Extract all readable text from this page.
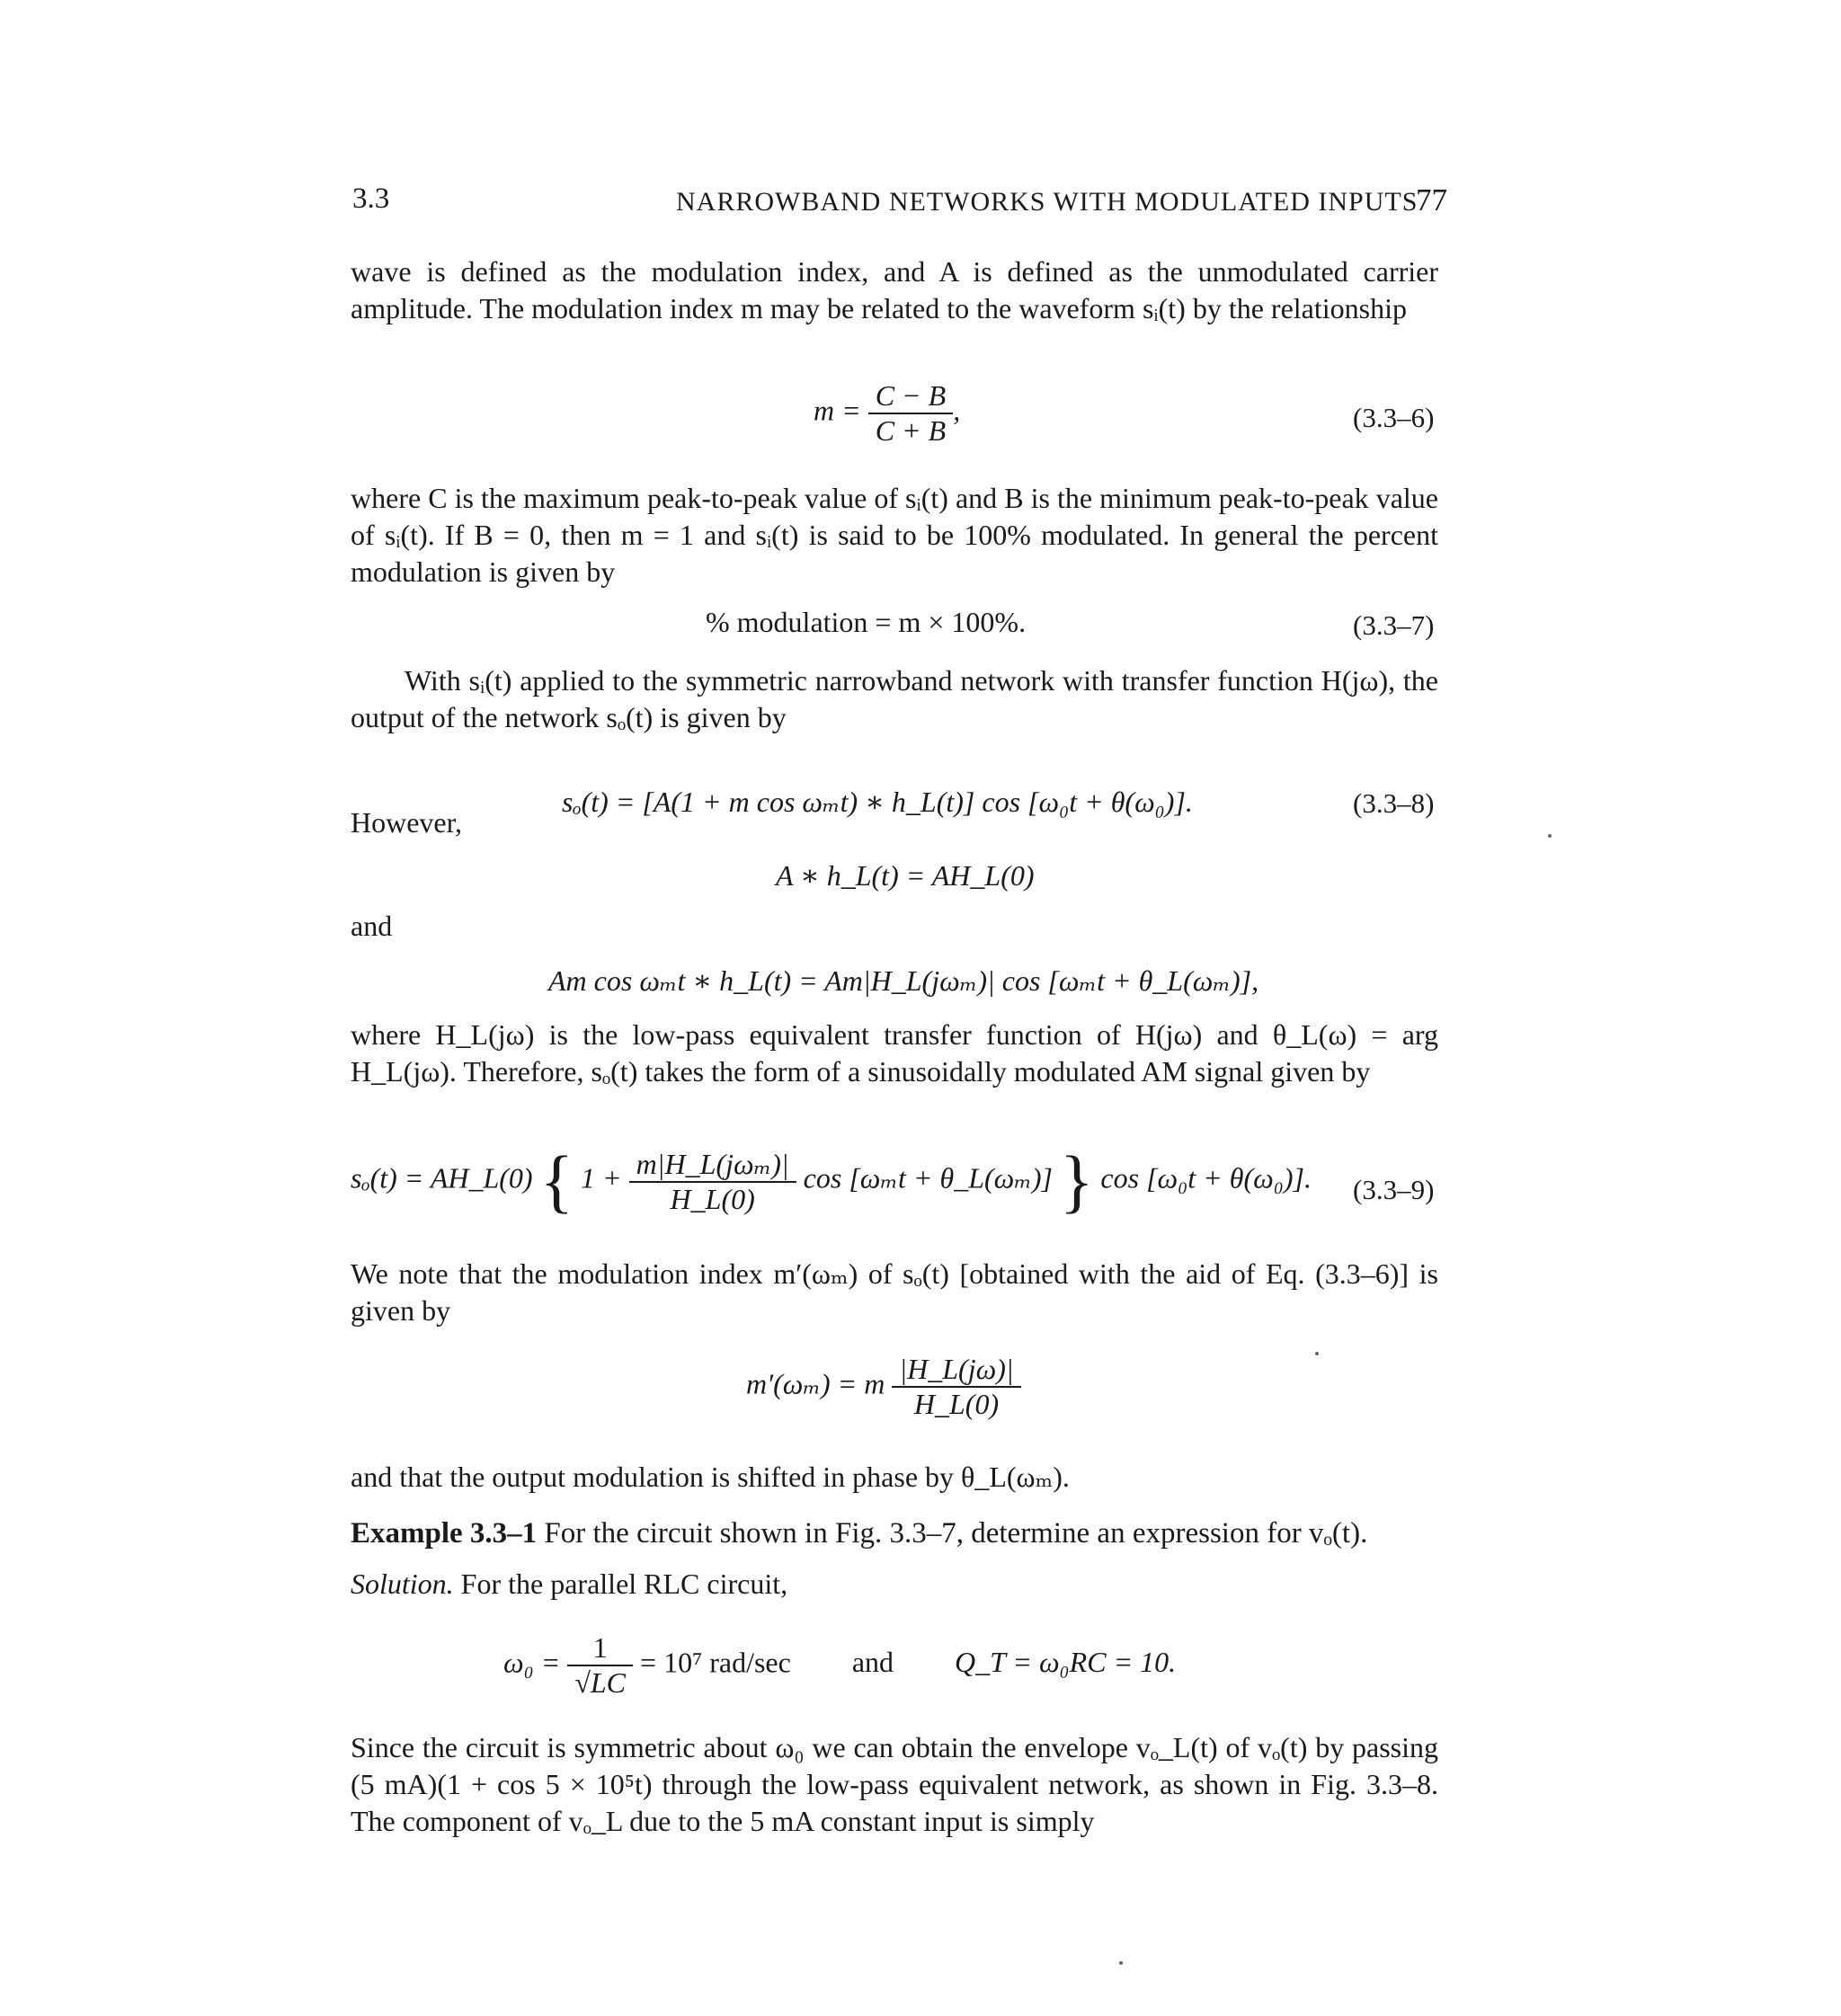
3.3	NARROWBAND NETWORKS WITH MODULATED INPUTS
77
wave is defined as the modulation index, and A is defined as the unmodulated carrier amplitude. The modulation index m may be related to the waveform sᵢ(t) by the relationship
$m = \frac{C - B}{C + B}$ ,	(3.3–6)
where C is the maximum peak-to-peak value of sᵢ(t) and B is the minimum peak-to-peak value of sᵢ(t). If B = 0, then m = 1 and sᵢ(t) is said to be 100% modulated. In general the percent modulation is given by
% modulation = m × 100%.	(3.3–7)
With sᵢ(t) applied to the symmetric narrowband network with transfer function H(jω), the output of the network sₒ(t) is given by
sₒ(t) = [A(1 + m cos ωₘt) ∗ h_L(t)] cos [ω₀t + θ(ω₀)].	(3.3–8)
However,
A ∗ h_L(t) = AH_L(0)
and
Am cos ωₘt ∗ h_L(t) = Am|H_L(jωₘ)| cos [ωₘt + θ_L(ωₘ)],
where H_L(jω) is the low-pass equivalent transfer function of H(jω) and θ_L(ω) = arg H_L(jω). Therefore, sₒ(t) takes the form of a sinusoidally modulated AM signal given by
sₒ(t) = AH_L(0) { $1 + \frac{\text{m|H\_L(jωₘ)|}}{H\_L(0)}$ cos [ωₘt + θ_L(ωₘ)] } cos [ω₀t + θ(ω₀)]. (3.3–9)
We note that the modulation index m′(ωₘ) of sₒ(t) [obtained with the aid of Eq. (3.3–6)] is given by
m′(ωₘ) = m $\frac{|H\_L(j\omega)|}{H\_L(0)}$
and that the output modulation is shifted in phase by θ_L(ωₘ).
Example 3.3–1 For the circuit shown in Fig. 3.3–7, determine an expression for vₒ(t).
Solution. For the parallel RLC circuit,
$\omega_0 = \frac{1}{√LC} = 10^7$ rad/sec and Q_T = ω₀RC = 10.
Since the circuit is symmetric about ω₀ we can obtain the envelope vₒ_L(t) of vₒ(t) by passing (5 mA)(1 + cos 5 × 10⁵t) through the low-pass equivalent network, as shown in Fig. 3.3–8. The component of vₒ_L due to the 5 mA constant input is simply
